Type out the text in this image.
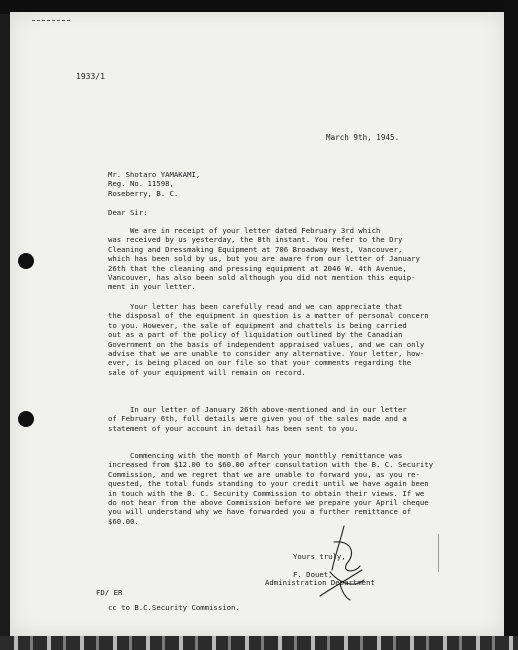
1933/1
March 9th, 1945.
Mr. Shotaro YAMAKAMI,
Reg. No. 11598,
Roseberry, B. C.
Dear Sir:

We are in receipt of your letter dated February 3rd which

was received by us yesterday, the 8th instant. You refer to the Dry

Cleaning and Dressmaking Equipment at 706 Broadway West, Vancouver,

which has been sold by us, but you are aware from our letter of January

26th that the cleaning and pressing equipment at 2046 W. 4th Avenue,

Vancouver, has also been sold although you did not mention this equip-

ment in your letter.

Your letter has been carefully read and we can appreciate that

the disposal of the equipment in question is a matter of personal concern

to you. However, the sale of equipment and chattels is being carried

out as a part of the policy of liquidation outlined by the Canadian

Government on the basis of independent appraised values, and we can only

advise that we are unable to consider any alternative. Your letter, how-

ever, is being placed on our file so that your comments regarding the

sale of your equipment will remain on record.

In our letter of January 26th above-mentioned and in our letter

of February 6th, full details were given you of the sales made and a

statement of your account in detail has been sent to you.

Commencing with the month of March your monthly remittance was

increased from $12.00 to $60.00 after consultation with the B. C. Security

Commission, and we regret that we are unable to forward you, as you re-

quested, the total funds standing to your credit until we have again been

in touch with the B. C. Security Commission to obtain their views. If we

do not hear from the above Commission before we prepare your April cheque

you will understand why we have forwarded you a further remittance of

$60.00.

Yours truly,
F. Douet,
Administration Department
FD/ ER
cc to B.C.Security Commission.
